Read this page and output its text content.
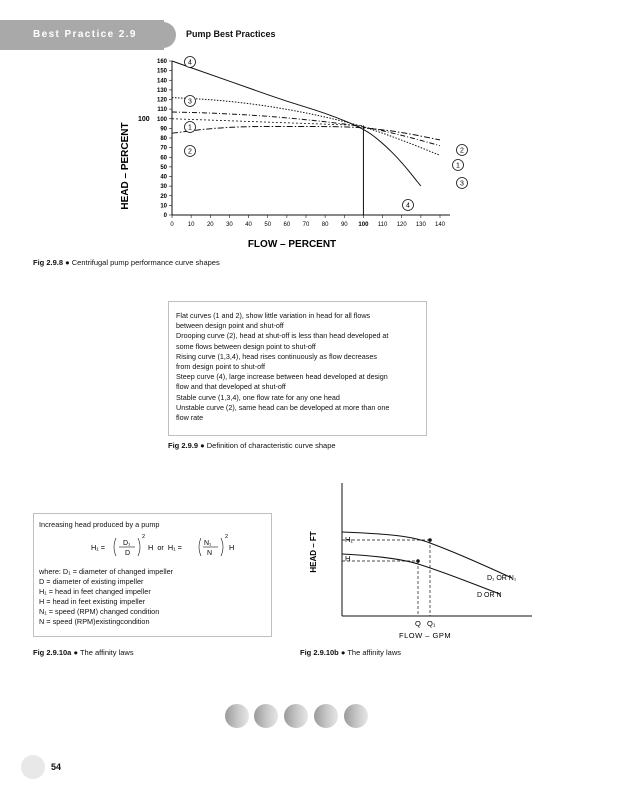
Best Practice 2.9	Pump Best Practices
0
10
20
30
40
50
60
70
80
90
100
110
120
130
140
150
160
0 10 20 30 40 50 60 70 80 90 100 110 120 130 140
4
4
3
3
1
1
2	2
HEAD – PERCENT
FLOW – PERCENT
100
Fig 2.9.8 ● Centrifugal pump performance curve shapes
Flat curves (1 and 2), show little variation in head for all flows
between design point and shut-off
Drooping curve (2), head at shut-off is less than head developed at
some flows between design point to shut-off
Rising curve (1,3,4), head rises continuously as flow decreases
from design point to shut-off
Steep curve (4), large increase between head developed at design
flow and that developed at shut-off
Stable curve (1,3,4), one flow rate for any one head
Unstable curve (2), same head can be developed at more than one
flow rate
Fig 2.9.9 ● Definition of characteristic curve shape
Increasing head produced by a pump
H₁ =	D₁
D
2
H  or  H₁ =	N₁
N
2
H
where: D₁ = diameter of changed impeller
D = diameter of existing impeller
H₁ = head in feet changed impeller
H = head in feet existing impeller
N₁ = speed (RPM) changed condition
N = speed (RPM)existingcondition
Fig 2.9.10a ● The affinity laws
HEAD – FT	H₁
H
Q Q₁
FLOW – GPM
D₁ OR N₁
D OR N
Fig 2.9.10b ● The affinity laws
54
